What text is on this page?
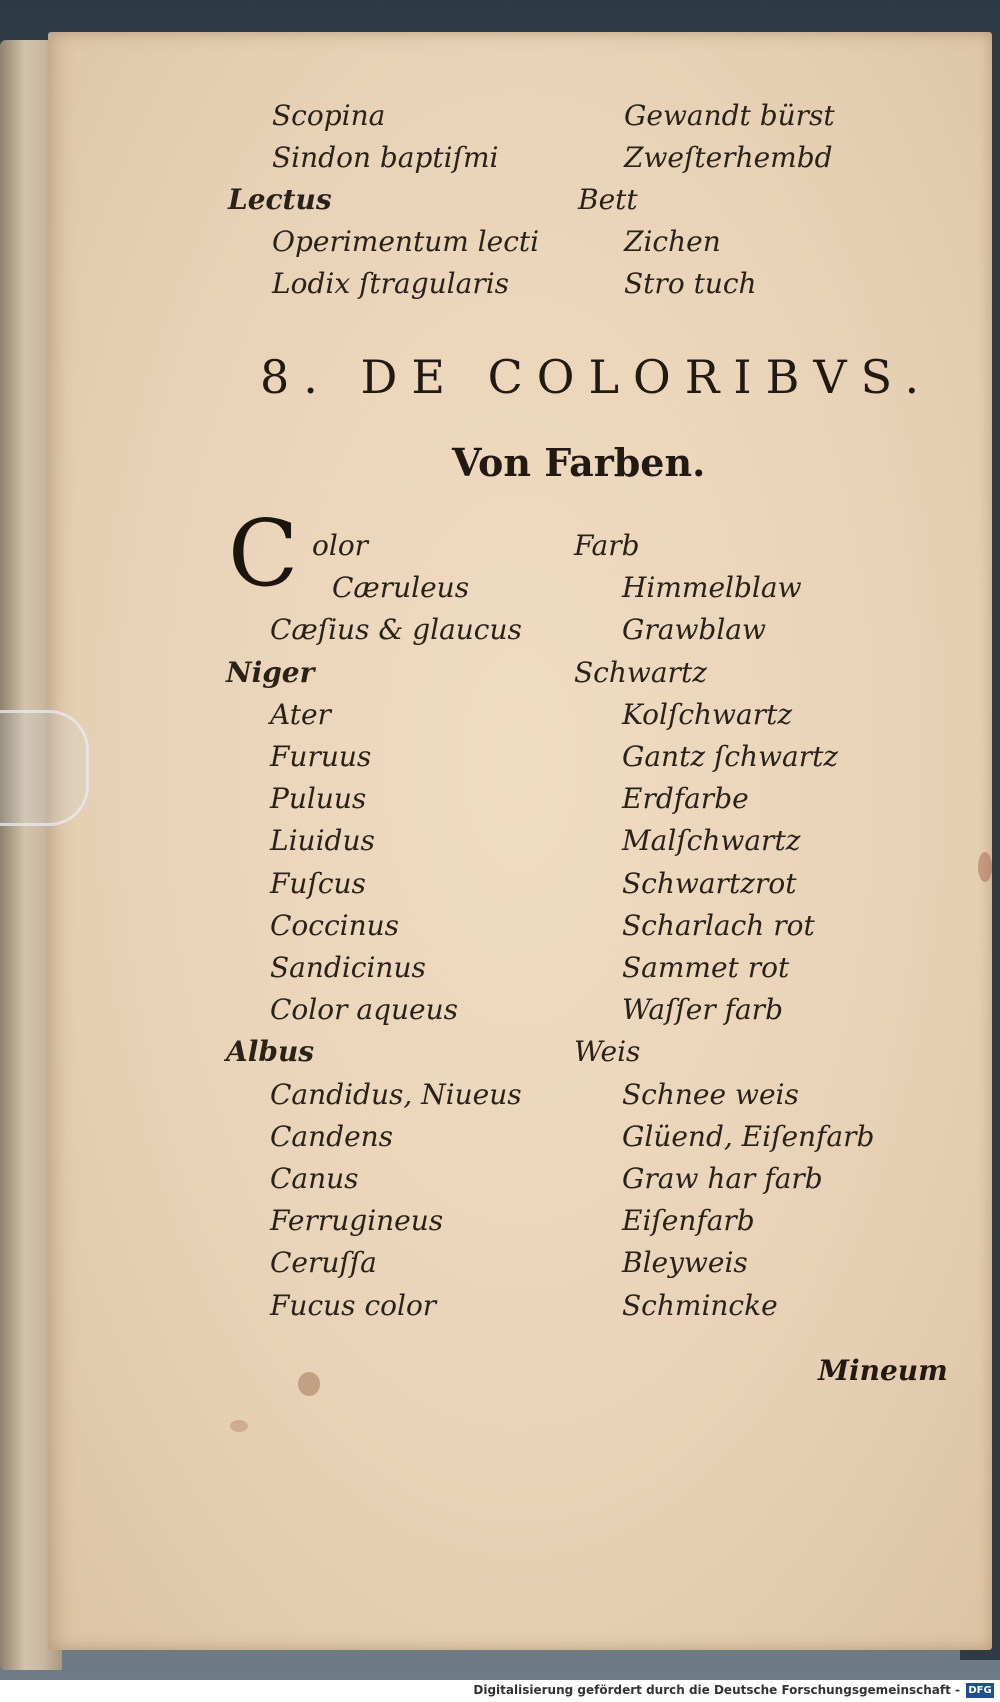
Scopina	Gewandt bürst
Sindon baptiſmi	Zweſterhembd
Lectus	Bett
Operimentum lecti	Zichen
Lodix ſtragularis	Stro tuch
8. DE COLORIBVS.
Von Farben.
C olor	Farb
Cæruleus	Himmelblaw
Cæſius & glaucus	Grawblaw
Niger	Schwartz
Ater	Kolſchwartz
Furuus	Gantz ſchwartz
Puluus	Erdfarbe
Liuidus	Malſchwartz
Fuſcus	Schwartzrot
Coccinus	Scharlach rot
Sandicinus	Sammet rot
Color aqueus	Waſſer farb
Albus	Weis
Candidus, Niueus	Schnee weis
Candens	Glüend, Eiſenfarb
Canus	Graw har farb
Ferrugineus	Eiſenfarb
Ceruſſa	Bleyweis
Fucus color	Schmincke
Mineum
Digitalisierung gefördert durch die Deutsche Forschungsgemeinschaft - DFG
